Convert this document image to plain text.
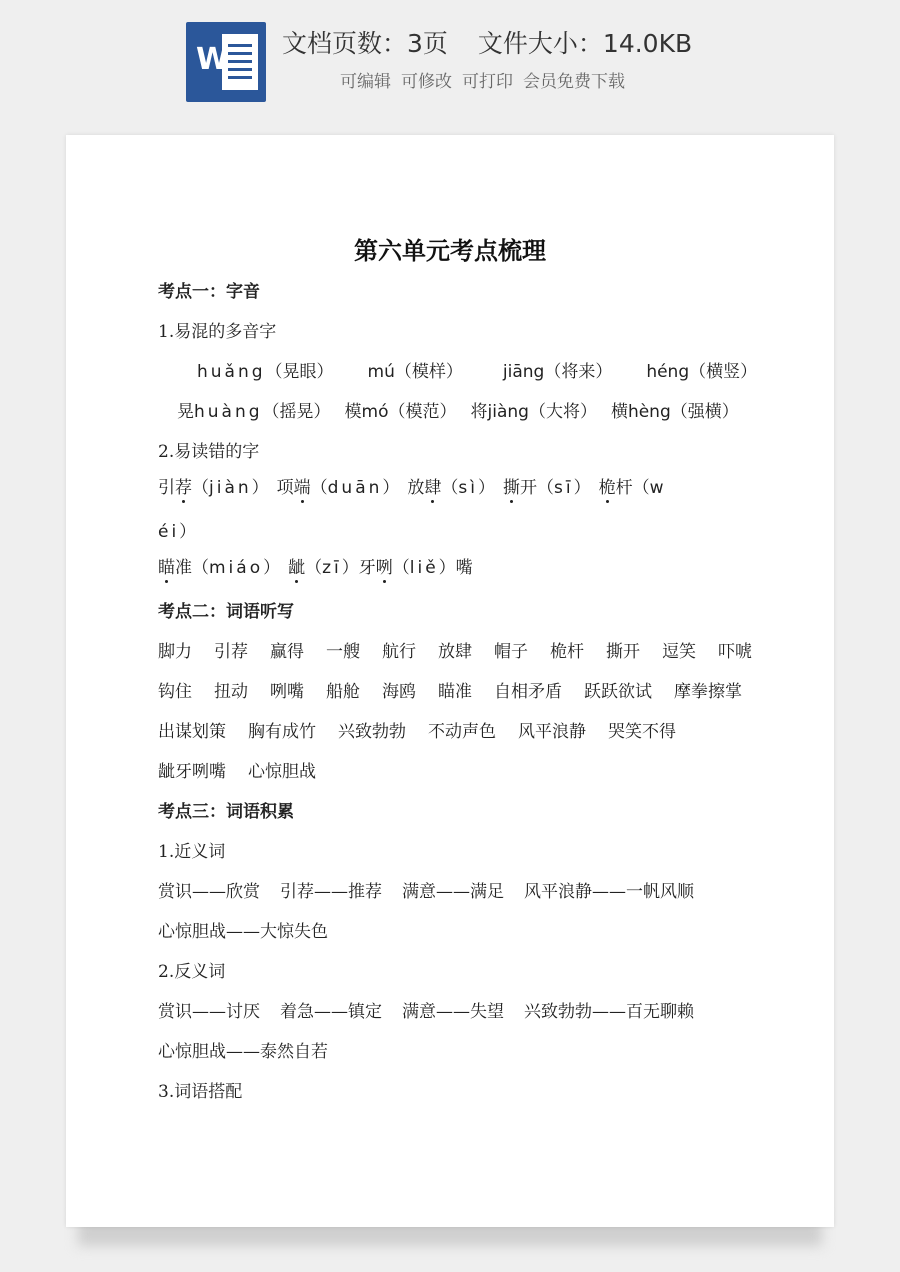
W 文档页数：3页 文件大小：14.0KB
可编辑 可修改 可打印 会员免费下载
第六单元考点梳理
考点一：字音
1.易混的多音字
huǎng（晃眼） mú（模样） jiāng（将来） héng（横竖）
晃huàng（摇晃） 模mó（模范） 将jiàng（大将） 横hèng（强横）
2.易读错的字
引荐（jiàn） 项端（duān） 放肆（sì） 撕开（sī） 桅杆（w
éi）
瞄准（miáo） 龇（zī）牙咧（liě）嘴
考点二：词语听写
脚力 引荐 赢得 一艘 航行 放肆 帽子 桅杆 撕开 逗笑 吓唬
钩住 扭动 咧嘴 船舱 海鸥 瞄准 自相矛盾 跃跃欲试 摩拳擦掌
出谋划策 胸有成竹 兴致勃勃 不动声色 风平浪静 哭笑不得
龇牙咧嘴 心惊胆战
考点三：词语积累
1.近义词
赏识——欣赏 引荐——推荐 满意——满足 风平浪静——一帆风顺
心惊胆战——大惊失色
2.反义词
赏识——讨厌 着急——镇定 满意——失望 兴致勃勃——百无聊赖
心惊胆战——泰然自若
3.词语搭配
